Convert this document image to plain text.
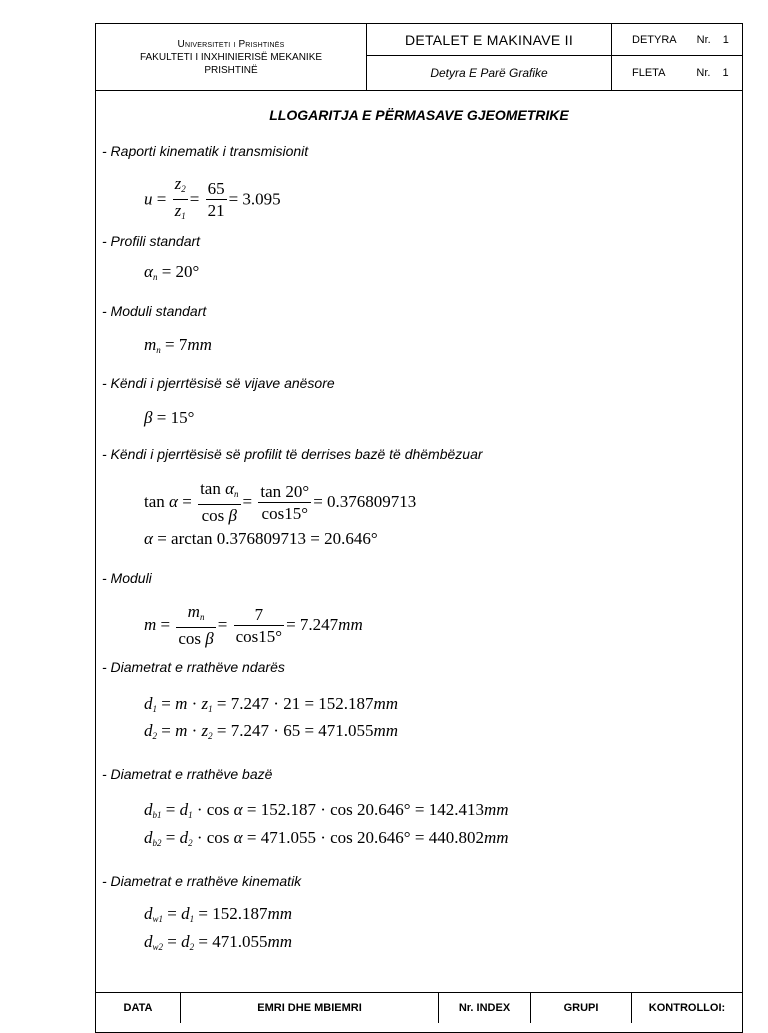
Universiteti i Prishtinës
FAKULTETI I INXHINIERISË MEKANIKE
PRISHTINË
DETALET E MAKINAVE II
Detyra E Parë Grafike
DETYRA Nr. 1
FLETA	Nr. 1
LLOGARITJA E PËRMASAVE GJEOMETRIKE
- Raporti kinematik i transmisionit
$u = \frac{z_2}{z_1} = \frac{65}{21} = 3.095$
- Profili standart
$\alpha_n = 20^\circ$
- Moduli standart
$m_n = 7mm$
- Këndi i pjerrtësisë së vijave anësore
β = 15°
- Këndi i pjerrtësisë së profilit të derrises bazë të dhëmbëzuar
$\tan \alpha = \frac{\tan \alpha_n}{\text{cos β}} = \frac{\tan 20^\circ}{\cos 15^\circ} = 0.376809713$
α = arctan 0.376809713 = 20.646°
- Moduli
$m = \frac{m_n}{\text{cos β}} = \frac{7}{\cos 15^\circ} = 7.247mm$
- Diametrat e rrathëve ndarës
$d_1 = m \cdot z_1 = 7.247 \cdot 21 = 152.187mm$
$d_2 = m \cdot z_2 = 7.247 \cdot 65 = 471.055mm$
- Diametrat e rrathëve bazë
$d_{b1} = d_1 \cdot \cos \alpha = 152.187 \cdot \cos 20.646^\circ = 142.413mm$
$d_{b2} = d_2 \cdot \cos \alpha = 471.055 \cdot \cos 20.646^\circ = 440.802mm$
- Diametrat e rrathëve kinematik
$d_{w1} = d_1 = 152.187mm$
$d_{w2} = d_2 = 471.055mm$
DATA	EMRI DHE MBIEMRI	Nr. INDEX	GRUPI	KONTROLLOI:
